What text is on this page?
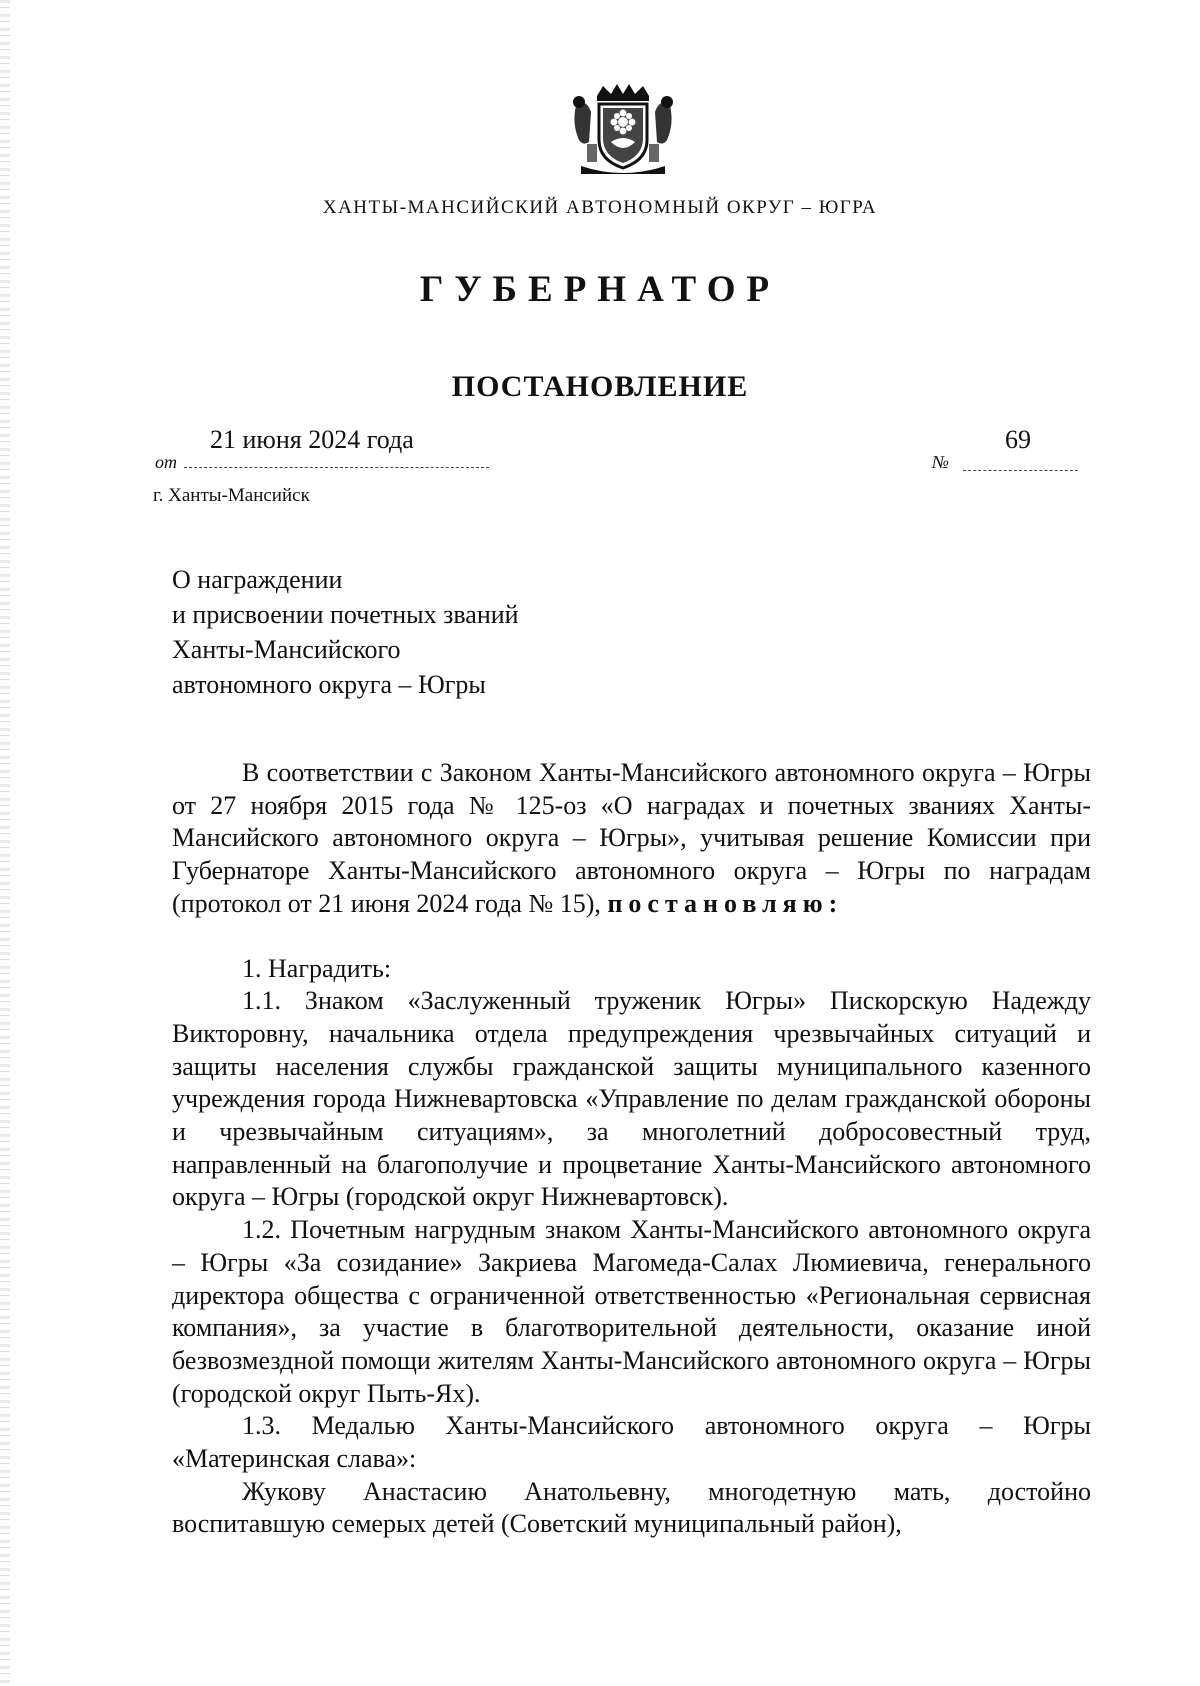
ХАНТЫ-МАНСИЙСКИЙ АВТОНОМНЫЙ ОКРУГ – ЮГРА
ГУБЕРНАТОР
ПОСТАНОВЛЕНИЕ
от
21 июня 2024 года
№
69
г. Ханты-Мансийск
О награждении
и присвоении почетных званий
Ханты-Мансийского
автономного округа – Югры

В соответствии с Законом Ханты-Мансийского автономного округа – Югры от 27 ноября 2015 года № 125-оз «О наградах и почетных званиях Ханты-Мансийского автономного округа – Югры», учитывая решение Комиссии при Губернаторе Ханты-Мансийского автономного округа – Югры по наградам (протокол от 21 июня 2024 года № 15), постановляю:

1. Наградить:

1.1. Знаком «Заслуженный труженик Югры» Пискорскую Надежду Викторовну, начальника отдела предупреждения чрезвычайных ситуаций и защиты населения службы гражданской защиты муниципального казенного учреждения города Нижневартовска «Управление по делам гражданской обороны и чрезвычайным ситуациям», за многолетний добросовестный труд, направленный на благополучие и процветание Ханты-Мансийского автономного округа – Югры (городской округ Нижневартовск).

1.2. Почетным нагрудным знаком Ханты-Мансийского автономного округа – Югры «За созидание» Закриева Магомеда-Салах Люмиевича, генерального директора общества с ограниченной ответственностью «Региональная сервисная компания», за участие в благотворительной деятельности, оказание иной безвозмездной помощи жителям Ханты-Мансийского автономного округа – Югры (городской округ Пыть-Ях).

1.3. Медалью Ханты-Мансийского автономного округа – Югры «Материнская слава»:

Жукову Анастасию Анатольевну, многодетную мать, достойно воспитавшую семерых детей (Советский муниципальный район),
